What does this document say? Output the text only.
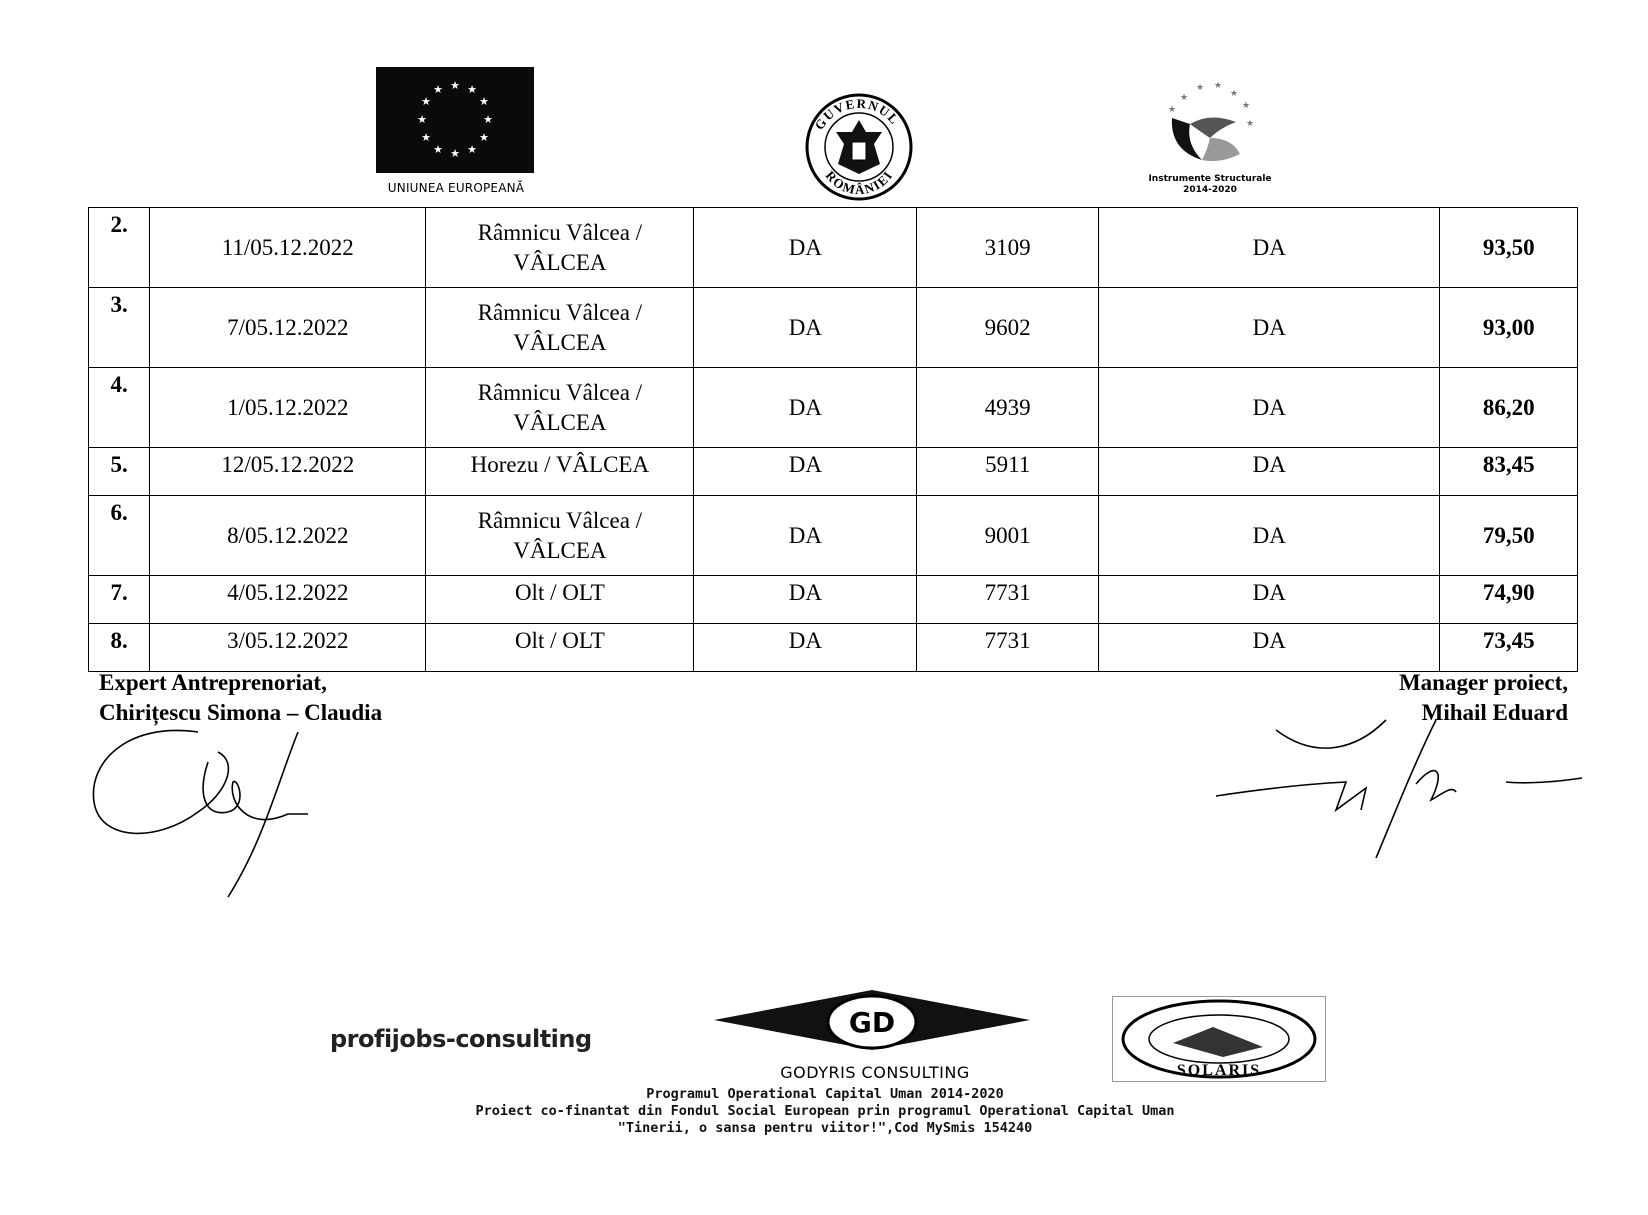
★ ★
★
★
★
★
★
★
★
★
★
★
UNIUNEA EUROPEANĂ
GUVERNUL
ROMÂNIEI
★
★ ★
★
★
★
★
Instrumente Structurale
2014-2020
2.	11/05.12.2022	Râmnicu Vâlcea /
VÂLCEA	DA	3109	DA	93,50
3.	7/05.12.2022	Râmnicu Vâlcea /
VÂLCEA	DA	9602	DA	93,00
4.	1/05.12.2022	Râmnicu Vâlcea /
VÂLCEA	DA	4939	DA	86,20
5.	12/05.12.2022	Horezu / VÂLCEA	DA	5911	DA	83,45
6.	8/05.12.2022	Râmnicu Vâlcea /
VÂLCEA	DA	9001	DA	79,50
7.	4/05.12.2022	Olt / OLT	DA	7731	DA	74,90
8.	3/05.12.2022	Olt / OLT	DA	7731	DA	73,45
Expert Antreprenoriat,
Chirițescu Simona – Claudia
Manager proiect,
Mihail Eduard
profijobs-consulting	GD
GODYRIS CONSULTING	SOLARIS
Programul Operational Capital Uman 2014-2020
Proiect co-finantat din Fondul Social European prin programul Operational Capital Uman
"Tinerii, o sansa pentru viitor!",Cod MySmis 154240
